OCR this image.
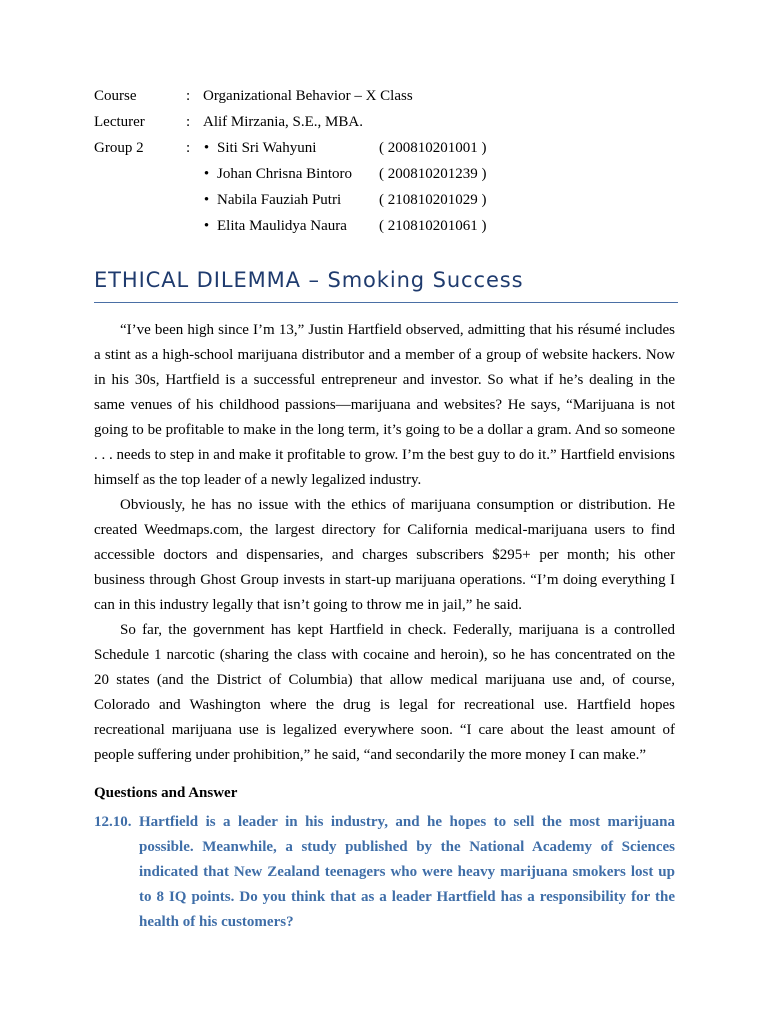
Course	: Organizational Behavior – X Class
Lecturer	: Alif Mirzania, S.E., MBA.
Group 2	: • Siti Sri Wahyuni	( 200810201001 )
• Johan Chrisna Bintoro	( 200810201239 )
• Nabila Fauziah Putri	( 210810201029 )
• Elita Maulidya Naura	( 210810201061 )
ETHICAL DILEMMA – Smoking Success

“I’ve been high since I’m 13,” Justin Hartfield observed, admitting that his résumé includes a stint as a high-school marijuana distributor and a member of a group of website hackers. Now in his 30s, Hartfield is a successful entrepreneur and investor. So what if he’s dealing in the same venues of his childhood passions—marijuana and websites? He says, “Marijuana is not going to be profitable to make in the long term, it’s going to be a dollar a gram. And so someone . . . needs to step in and make it profitable to grow. I’m the best guy to do it.” Hartfield envisions himself as the top leader of a newly legalized industry.

Obviously, he has no issue with the ethics of marijuana consumption or distribution. He created Weedmaps.com, the largest directory for California medical-marijuana users to find accessible doctors and dispensaries, and charges subscribers $295+ per month; his other business through Ghost Group invests in start-up marijuana operations. “I’m doing everything I can in this industry legally that isn’t going to throw me in jail,” he said.

So far, the government has kept Hartfield in check. Federally, marijuana is a controlled Schedule 1 narcotic (sharing the class with cocaine and heroin), so he has concentrated on the 20 states (and the District of Columbia) that allow medical marijuana use and, of course, Colorado and Washington where the drug is legal for recreational use. Hartfield hopes recreational marijuana use is legalized everywhere soon. “I care about the least amount of people suffering under prohibition,” he said, “and secondarily the more money I can make.”

Questions and Answer
12.10. Hartfield is a leader in his industry, and he hopes to sell the most marijuana possible. Meanwhile, a study published by the National Academy of Sciences indicated that New Zealand teenagers who were heavy marijuana smokers lost up to 8 IQ points. Do you think that as a leader Hartfield has a responsibility for the health of his customers?
